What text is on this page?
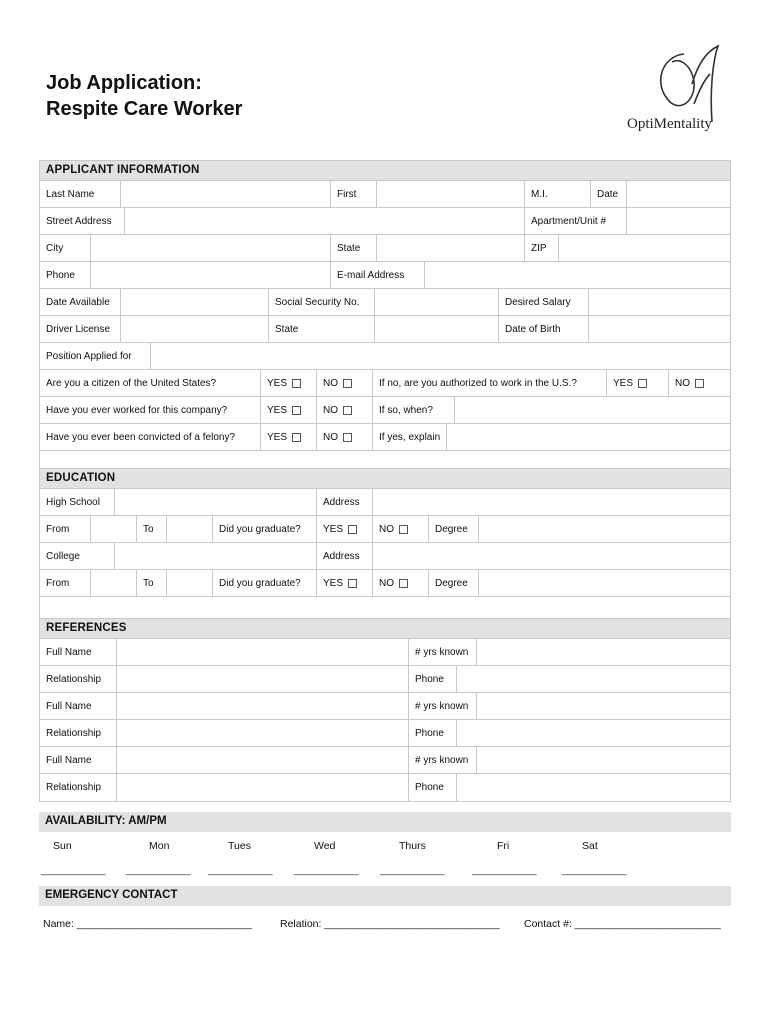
Job Application:
Respite Care Worker
OptiMentality
APPLICANT INFORMATION
Last Name	First	M.I.	Date
Street Address	Apartment/Unit #
City	State	ZIP
Phone	E-mail Address
Date Available	Social Security No.	Desired Salary
Driver License	State	Date of Birth
Position Applied for
Are you a citizen of the United States?	YES	NO	If no, are you authorized to work in the U.S.?	YES	NO
Have you ever worked for this company?	YES	NO	If so, when?
Have you ever been convicted of a felony?	YES	NO	If yes, explain
EDUCATION
High School	Address
From	To	Did you graduate?	YES	NO	Degree
College	Address
From	To	Did you graduate?	YES	NO	Degree
REFERENCES
Full Name	# yrs known
Relationship	Phone
Full Name	# yrs known
Relationship	Phone
Full Name	# yrs known
Relationship	Phone
AVAILABILITY: AM/PM
Sun	Mon	Tues	Wed	Thurs	Fri	Sat
____________ ____________ ____________ ____________ ____________	____________ ____________
EMERGENCY CONTACT
Name: ______________________________	Relation: ______________________________ Contact #: _________________________
